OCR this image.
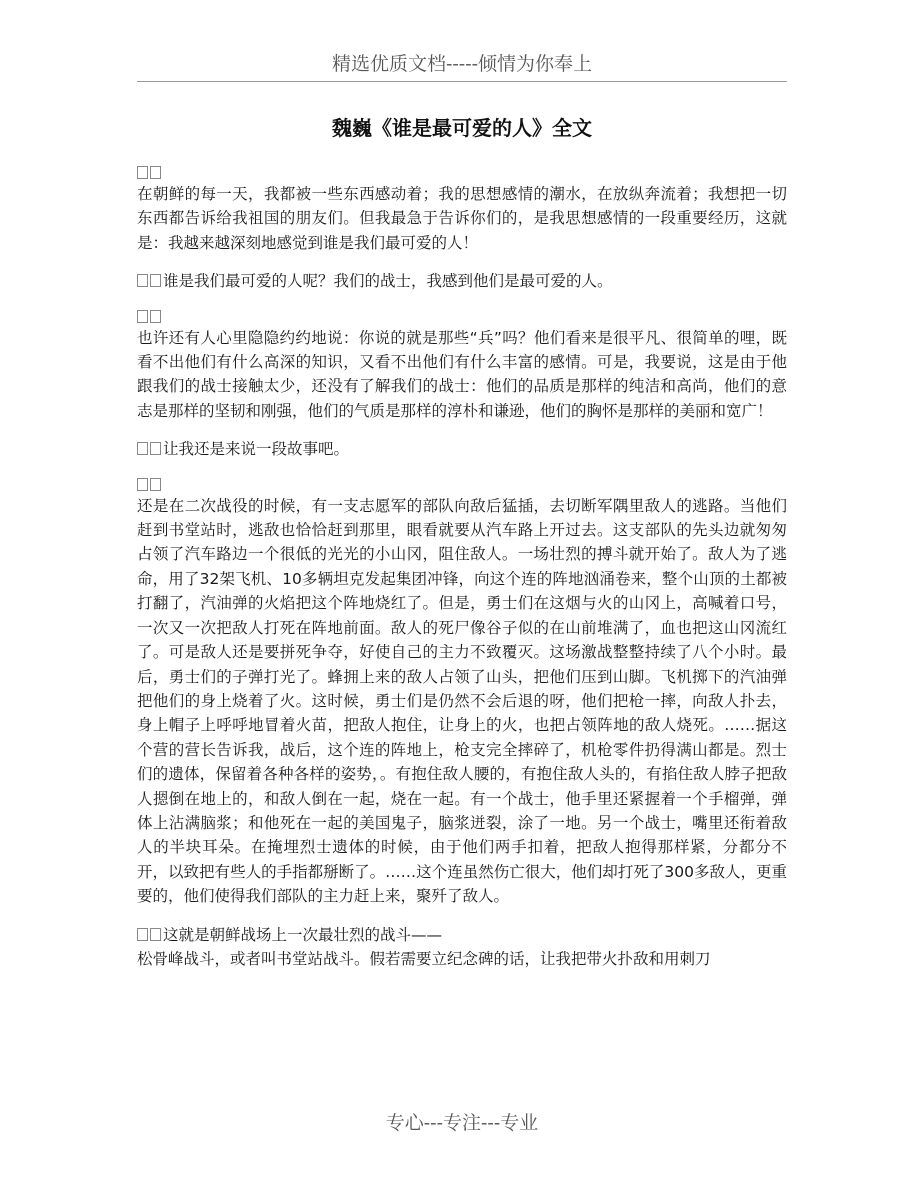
精选优质文档-----倾情为你奉上
魏巍《谁是最可爱的人》全文

在朝鲜的每一天，我都被一些东西感动着；我的思想感情的潮水，在放纵奔流着；我想把一切东西都告诉给我祖国的朋友们。但我最急于告诉你们的，是我思想感情的一段重要经历，这就是：我越来越深刻地感觉到谁是我们最可爱的人！

谁是我们最可爱的人呢？我们的战士，我感到他们是最可爱的人。

也许还有人心里隐隐约约地说：你说的就是那些“兵”吗？他们看来是很平凡、很简单的哩，既看不出他们有什么高深的知识，又看不出他们有什么丰富的感情。可是，我要说，这是由于他跟我们的战士接触太少，还没有了解我们的战士：他们的品质是那样的纯洁和高尚，他们的意志是那样的坚韧和刚强，他们的气质是那样的淳朴和谦逊，他们的胸怀是那样的美丽和宽广！

让我还是来说一段故事吧。

还是在二次战役的时候，有一支志愿军的部队向敌后猛插，去切断军隅里敌人的逃路。当他们赶到书堂站时，逃敌也恰恰赶到那里，眼看就要从汽车路上开过去。这支部队的先头边就匆匆占领了汽车路边一个很低的光光的小山冈，阻住敌人。一场壮烈的搏斗就开始了。敌人为了逃命，用了32架飞机、10多辆坦克发起集团冲锋，向这个连的阵地汹涌卷来，整个山顶的土都被打翻了，汽油弹的火焰把这个阵地烧红了。但是，勇士们在这烟与火的山冈上，高喊着口号，一次又一次把敌人打死在阵地前面。敌人的死尸像谷子似的在山前堆满了，血也把这山冈流红了。可是敌人还是要拼死争夺，好使自己的主力不致覆灭。这场激战整整持续了八个小时。最后，勇士们的子弹打光了。蜂拥上来的敌人占领了山头，把他们压到山脚。飞机掷下的汽油弹把他们的身上烧着了火。这时候，勇士们是仍然不会后退的呀，他们把枪一摔，向敌人扑去，身上帽子上呼呼地冒着火苗，把敌人抱住，让身上的火，也把占领阵地的敌人烧死。……据这个营的营长告诉我，战后，这个连的阵地上，枪支完全摔碎了，机枪零件扔得满山都是。烈士们的遗体，保留着各种各样的姿势，。有抱住敌人腰的，有抱住敌人头的，有掐住敌人脖子把敌人摁倒在地上的，和敌人倒在一起，烧在一起。有一个战士，他手里还紧握着一个手榴弹，弹体上沾满脑浆；和他死在一起的美国鬼子，脑浆迸裂，涂了一地。另一个战士，嘴里还衔着敌人的半块耳朵。在掩埋烈士遗体的时候，由于他们两手扣着，把敌人抱得那样紧，分都分不开，以致把有些人的手指都掰断了。……这个连虽然伤亡很大，他们却打死了300多敌人，更重要的，他们使得我们部队的主力赶上来，聚歼了敌人。

这就是朝鲜战场上一次最壮烈的战斗——

松骨峰战斗，或者叫书堂站战斗。假若需要立纪念碑的话，让我把带火扑敌和用刺刀

专心---专注---专业
